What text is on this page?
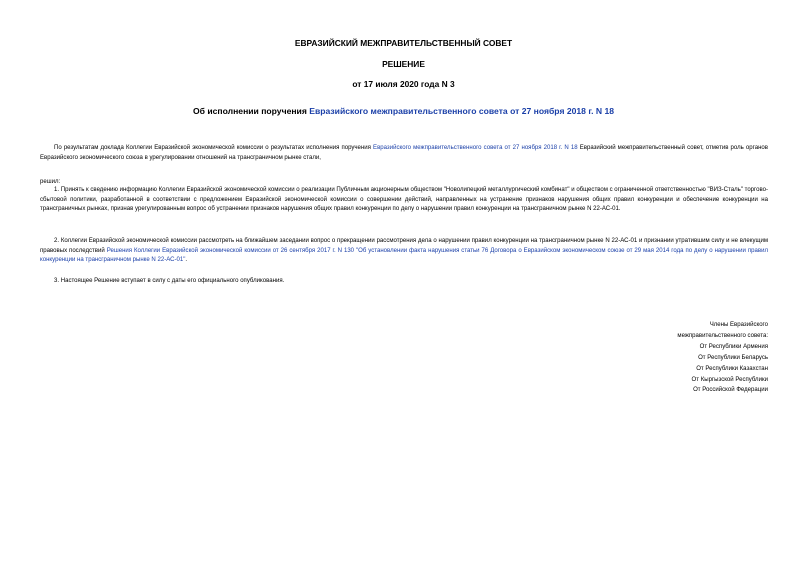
ЕВРАЗИЙСКИЙ МЕЖПРАВИТЕЛЬСТВЕННЫЙ СОВЕТ
РЕШЕНИЕ
от 17 июля 2020 года N 3
Об исполнении поручения Евразийского межправительственного совета от 27 ноября 2018 г. N 18
По результатам доклада Коллегии Евразийской экономической комиссии о результатах исполнения поручения Евразийского межправительственного совета от 27 ноября 2018 г. N 18 Евразийский межправительственный совет, отметив роль органов Евразийского экономического союза в урегулировании отношений на трансграничном рынке стали,
решил:
1. Принять к сведению информацию Коллегии Евразийской экономической комиссии о реализации Публичным акционерным обществом "Новолипецкий металлургический комбинат" и обществом с ограниченной ответственностью "ВИЗ-Сталь" торгово-сбытовой политики, разработанной в соответствии с предложением Евразийской экономической комиссии о совершении действий, направленных на устранение признаков нарушения общих правил конкуренции и обеспечение конкуренции на трансграничных рынках, признав урегулированным вопрос об устранении признаков нарушения общих правил конкуренции по делу о нарушении правил конкуренции на трансграничном рынке N 22-АС-01.
2. Коллегии Евразийской экономической комиссии рассмотреть на ближайшем заседании вопрос о прекращении рассмотрения дела о нарушении правил конкуренции на трансграничном рынке N 22-АС-01 и признании утратившим силу и не влекущим правовых последствий Решения Коллегии Евразийской экономической комиссии от 26 сентября 2017 г. N 130 "Об установлении факта нарушения статьи 76 Договора о Евразийском экономическом союзе от 29 мая 2014 года по делу о нарушении правил конкуренции на трансграничном рынке N 22-АС-01".
3. Настоящее Решение вступает в силу с даты его официального опубликования.
Члены Евразийского
межправительственного совета:
От Республики Армения
От Республики Беларусь
От Республики Казахстан
От Кыргызской Республики
От Российской Федерации
